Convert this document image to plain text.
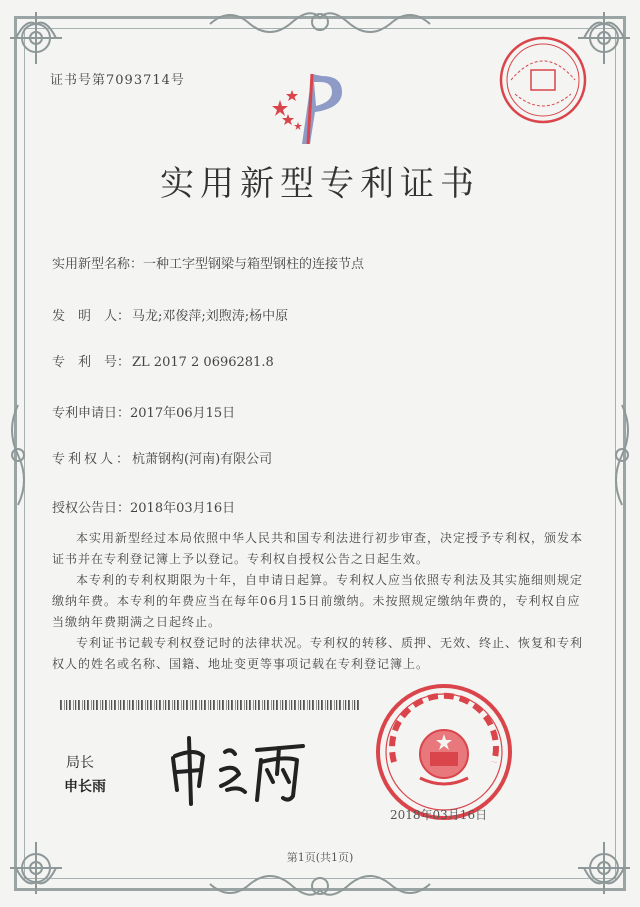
证书号第7093714号
实用新型专利证书
实用新型名称：一种工字型钢梁与箱型钢柱的连接节点
发　明　人： 马龙;邓俊萍;刘煦涛;杨中原
专　利　号： ZL 2017 2 0696281.8
专利申请日：2017年06月15日
专利权人：杭萧钢构(河南)有限公司
授权公告日：2018年03月16日

本实用新型经过本局依照中华人民共和国专利法进行初步审查，决定授予专利权，颁发本证书并在专利登记簿上予以登记。专利权自授权公告之日起生效。

本专利的专利权期限为十年，自申请日起算。专利权人应当依照专利法及其实施细则规定缴纳年费。本专利的年费应当在每年06月15日前缴纳。未按照规定缴纳年费的，专利权自应当缴纳年费期满之日起终止。

专利证书记载专利权登记时的法律状况。专利权的转移、质押、无效、终止、恢复和专利权人的姓名或名称、国籍、地址变更等事项记载在专利登记簿上。

局长
申长雨
2018年03月16日
第1页(共1页)
